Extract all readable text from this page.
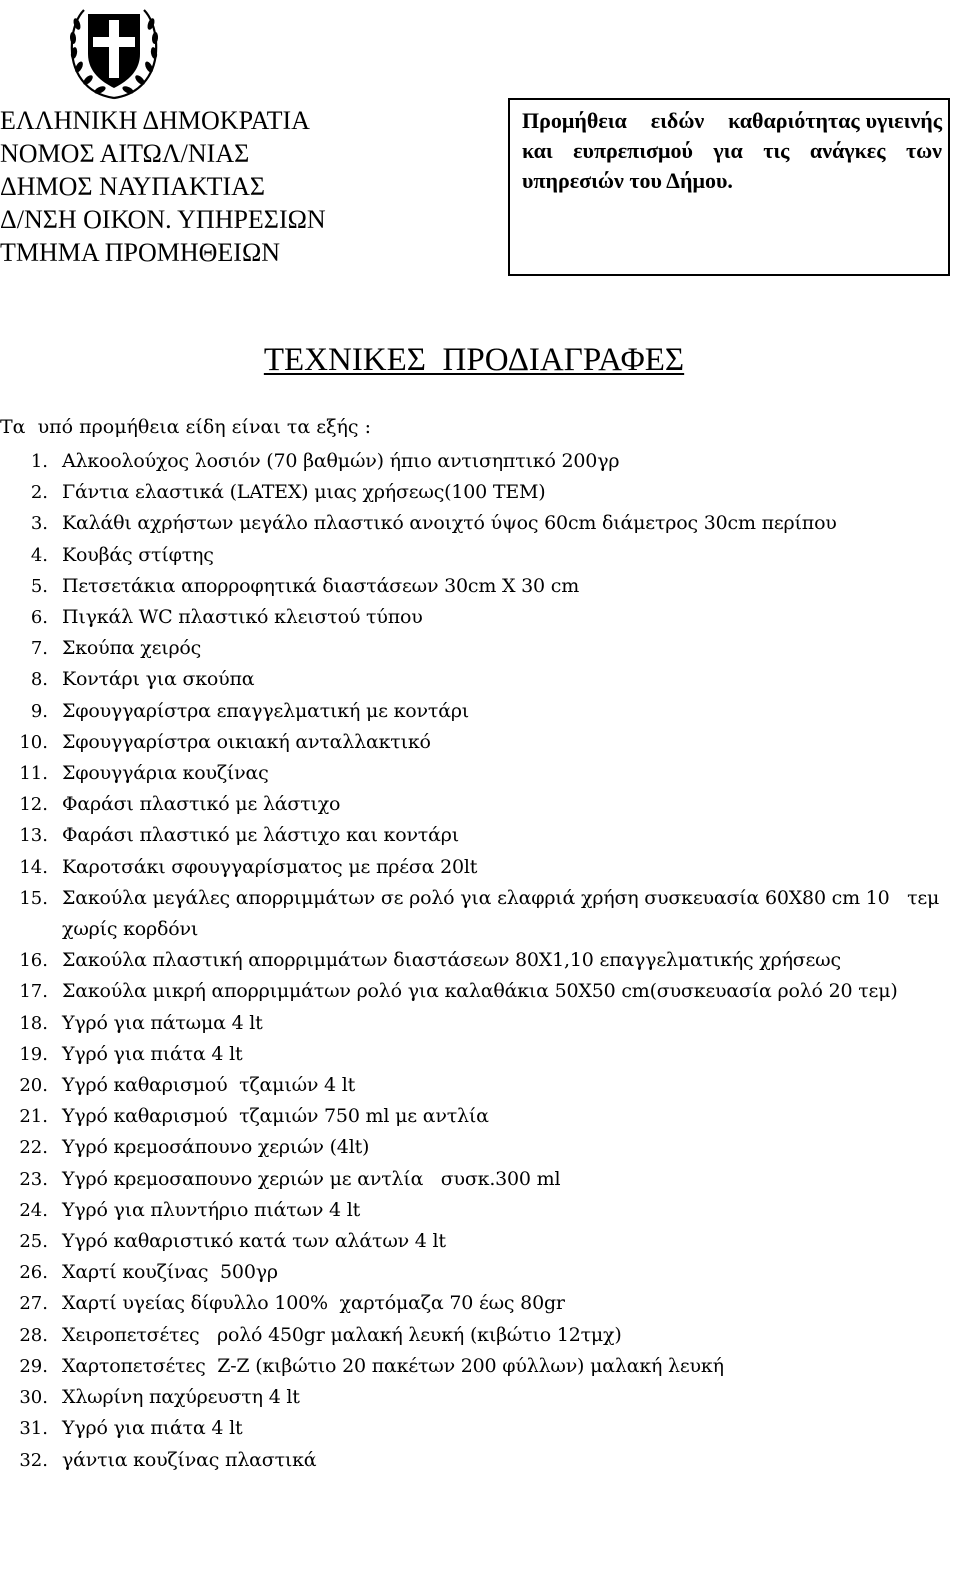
ΕΛΛΗΝΙΚΗ ΔΗΜΟΚΡΑΤΙΑ
ΝΟΜΟΣ ΑΙΤΩΛ/ΝΙΑΣ
ΔΗΜΟΣ ΝΑΥΠΑΚΤΙΑΣ
Δ/ΝΣΗ ΟΙΚΟΝ. ΥΠΗΡΕΣΙΩΝ
ΤΜΗΜΑ ΠΡΟΜΗΘΕΙΩΝ
Προμήθεια    ειδών    καθαριότητας υγιεινής και ευπρεπισμού για τις ανάγκες των υπηρεσιών του Δήμου.
ΤΕΧΝΙΚΕΣ  ΠΡΟΔΙΑΓΡΑΦΕΣ
Τα  υπό προμήθεια είδη είναι τα εξής :
1. Αλκοολούχος λοσιόν (70 βαθμών) ήπιο αντισηπτικό 200γρ
2. Γάντια ελαστικά (LATEX) μιας χρήσεως(100 TEM)
3. Καλάθι αχρήστων μεγάλο πλαστικό ανοιχτό ύψος 60cm διάμετρος 30cm περίπου
4. Κουβάς στίφτης
5. Πετσετάκια απορροφητικά διαστάσεων 30cm X 30 cm
6. Πιγκάλ WC πλαστικό κλειστού τύπου
7. Σκούπα χειρός
8. Κοντάρι για σκούπα
9. Σφουγγαρίστρα επαγγελματική με κοντάρι
10. Σφουγγαρίστρα οικιακή ανταλλακτικό
11. Σφουγγάρια κουζίνας
12. Φαράσι πλαστικό με λάστιχο
13. Φαράσι πλαστικό με λάστιχο και κοντάρι
14. Καροτσάκι σφουγγαρίσματος με πρέσα 20lt
15. Σακούλα μεγάλες απορριμμάτων σε ρολό για ελαφριά χρήση συσκευασία 60X80 cm 10   τεμ χωρίς κορδόνι
16. Σακούλα πλαστική απορριμμάτων διαστάσεων 80Χ1,10 επαγγελματικής χρήσεως
17. Σακούλα μικρή απορριμμάτων ρολό για καλαθάκια 50Χ50 cm(συσκευασία ρολό 20 τεμ)
18. Υγρό για πάτωμα 4 lt
19. Υγρό για πιάτα 4 lt
20. Υγρό καθαρισμού  τζαμιών 4 lt
21. Υγρό καθαρισμού  τζαμιών 750 ml με αντλία
22. Υγρό κρεμοσάπουνο χεριών (4lt)
23. Υγρό κρεμοσαπουνο χεριών με αντλία   συσκ.300 ml
24. Υγρό για πλυντήριο πιάτων 4 lt
25. Υγρό καθαριστικό κατά των αλάτων 4 lt
26. Χαρτί κουζίνας  500γρ
27. Χαρτί υγείας δίφυλλο 100%  χαρτόμαζα 70 έως 80gr
28. Χειροπετσέτες   ρολό 450gr μαλακή λευκή (κιβώτιο 12τμχ)
29. Χαρτοπετσέτες  Z-Z (κιβώτιο 20 πακέτων 200 φύλλων) μαλακή λευκή
30. Χλωρίνη παχύρευστη 4 lt
31. Υγρό για πιάτα 4 lt
32. γάντια κουζίνας πλαστικά
